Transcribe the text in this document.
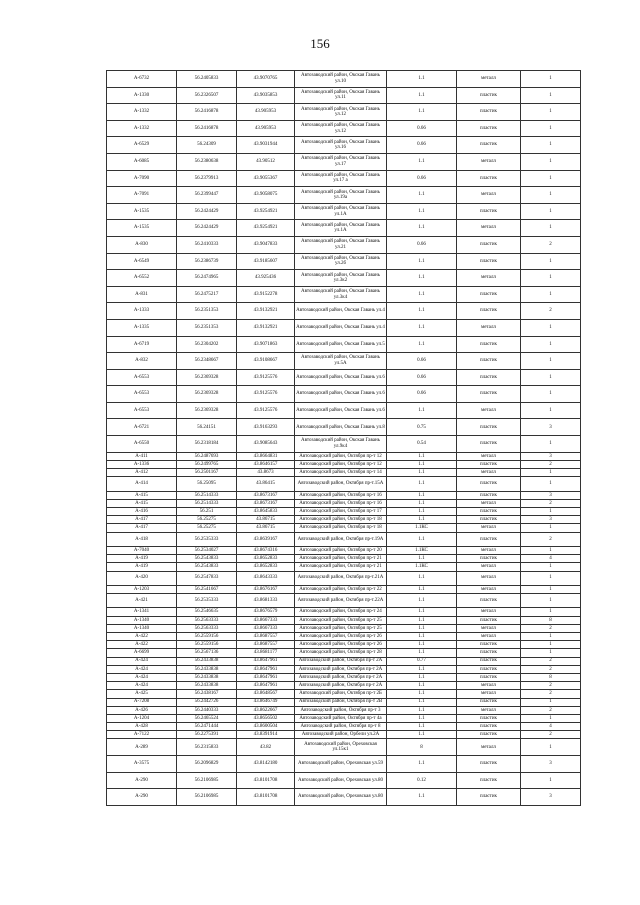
156
А-6732	56.2405833	43.9070765	Автозаводский район, Окская Гавань ул.10	1.1	металл	1
А-1330	56.2326507	43.9035853	Автозаводский район, Окская Гавань ул.11	1.1	пластик	1
А-1332	56.2416878	43.905953	Автозаводский район, Окская Гавань ул.12	1.1	пластик	1
А-1332	56.2416878	43.905953	Автозаводский район, Окская Гавань ул.12	0.66	пластик	1
А-6529	56.24309	43.9031944	Автозаводский район, Окская Гавань ул.16	0.66	пластик	1
А-6085	56.2380638	43.90512	Автозаводский район, Окская Гавань ул.17	1.1	металл	1
А-7090	56.2379913	43.9055367	Автозаводский район, Окская Гавань ул.17 а	0.66	пластик	1
А-7091	56.2399447	43.9058075	Автозаводский район, Окская Гавань ул.19а	1.1	металл	1
А-1535	56.2424429	43.9254921	Автозаводский район, Окская Гавань ул.1А	1.1	пластик	1
А-1535	56.2424429	43.9254921	Автозаводский район, Окская Гавань ул.1А	1.1	металл	1
А-830	56.2410333	43.9047833	Автозаводский район, Окская Гавань ул.21	0.66	пластик	2
А-6549	56.2386739	43.9185607	Автозаводский район, Окская Гавань ул.2б	1.1	пластик	1
А-6552	56.2474965	43.925436	Автозаводский район, Окская Гавань ул.3к2	1.1	металл	1
А-831	56.2475217	43.9152278	Автозаводский район, Окская Гавань ул.3к4	1.1	пластик	1
А-1333	56.2351353	43.9132921	Автозаводский район, Окская Гавань ул.4	1.1	пластик	2
А-1335	56.2351353	43.9132921	Автозаводский район, Окская Гавань ул.4	1.1	металл	1
А-6719	56.2304202	43.9071863	Автозаводский район, Окская Гавань ул.5	1.1	пластик	1
А-832	56.2348667	43.9108667	Автозаводский район, Окская Гавань ул.5А	0.66	пластик	1
А-6553	56.2369328	43.9125576	Автозаводский район, Окская Гавань ул.6	0.66	пластик	1
А-6553	56.2369328	43.9125576	Автозаводский район, Окская Гавань ул.6	0.66	пластик	1
А-6553	56.2369328	43.9125576	Автозаводский район, Окская Гавань ул.6	1.1	металл	1
А-6721	56.24151	43.9163293	Автозаводский район, Окская Гавань ул.8	0.75	пластик	3
А-6550	56.2318184	43.9085643	Автозаводский район, Окская Гавань ул.9к4	0.54	пластик	1
А-411	56.2487693	43.8664831	Автозаводский район, Октября пр-т 12	1.1	металл	3
А-1336	56.2499765	43.8646157	Автозаводский район, Октября пр-т 12	1.1	пластик	2
А-412	56.2501167	43.8673	Автозаводский район, Октября пр-т 14	1.1	металл	1
А-414	56.25095	43.86415	Автозаводский район, Октября пр-т.15А	1.1	пластик	1
А-415	56.2514333	43.8673167	Автозаводский район, Октября пр-т 16	1.1	пластик	3
А-415	56.2514333	43.8673167	Автозаводский район, Октября пр-т 16	1.1	металл	2
А-416	56.251	43.8645833	Автозаводский район, Октября пр-т 17	1.1	пластик	1
А-417	56.25275	43.86715	Автозаводский район, Октября пр-т 18	1.1	пластик	3
А-417	56.25275	43.86715	Автозаводский район, Октября пр-т 18	1.1КС	металл	1
А-418	56.2535333	43.8639167	Автозаводский район, Октября пр-т.19А	1.1	пластик	2
А-7040	56.2534027	43.8674316	Автозаводский район, Октября пр-т 20	1.1КС	металл	1
А-419	56.2543833	43.8652833	Автозаводский район, Октября пр-т 21	1.1	пластик	4
А-419	56.2543833	43.8652833	Автозаводский район, Октября пр-т 21	1.1КС	металл	1
А-420	56.2547833	43.8643333	Автозаводский район, Октября пр-т.21А	1.1	металл	1
А-1203	56.2541667	43.8676167	Автозаводский район, Октября пр-т 22	1.1	металл	1
А-421	56.2535333	43.8681333	Автозаводский район, Октября пр-т.22А	1.1	пластик	1
А-1341	56.2546635	43.8676579	Автозаводский район, Октября пр-т 24	1.1	металл	1
А-1340	56.2563333	43.8667333	Автозаводский район, Октября пр-т 25	1.1	пластик	8
А-1340	56.2563333	43.8667333	Автозаводский район, Октября пр-т 25	1.1	металл	2
А-422	56.2559156	43.8687557	Автозаводский район, Октября пр-т 26	1.1	металл	1
А-422	56.2559156	43.8687557	Автозаводский район, Октября пр-т 26	1.1	пластик	1
А-6699	56.2567136	43.8681177	Автозаводский район, Октября пр-т 28	1.1	пластик	1
А-424	56.2433838	43.8647961	Автозаводский район, Октября пр-т 2А	0.77	пластик	2
А-424	56.2433838	43.8647961	Автозаводский район, Октября пр-т 2А	1.1	пластик	2
А-424	56.2433838	43.8647961	Автозаводский район, Октября пр-т 2А	1.1	пластик	8
А-424	56.2433838	43.8647961	Автозаводский район, Октября пр-т 2А	1.1	металл	2
А-425	56.2438167	43.8648567	Автозаводский район, Октября пр-т 2Б	1.1	металл	2
А-7208	56.2442726	43.8646749	Автозаводский район, Октября пр-т 2В	1.1	пластик	1
А-426	56.2440333	43.8622667	Автозаводский район, Октября пр-т 3	1.1	металл	2
А-1204	56.2465524	43.8656502	Автозаводский район, Октября пр-т 4а	1.1	пластик	1
А-428	56.2471444	43.8600504	Автозаводский район, Октября пр-т 8	1.1	пластик	4
А-7122	56.2275391	43.8391914	Автозаводский район, Орбели ул.2А	1.1	пластик	2
А-289	56.2315833	43.82	Автозаводский район, Ореховская ул.15к1	8	металл	1
А-3575	56.2096829	43.8142180	Автозаводский район, Ореховская ул.59	1.1	пластик	3
А-290	56.2106985	43.8101708	Автозаводский район, Ореховская ул.80	0.12	пластик	1
А-290	56.2106985	43.8101708	Автозаводский район, Ореховская ул.80	1.1	пластик	3
